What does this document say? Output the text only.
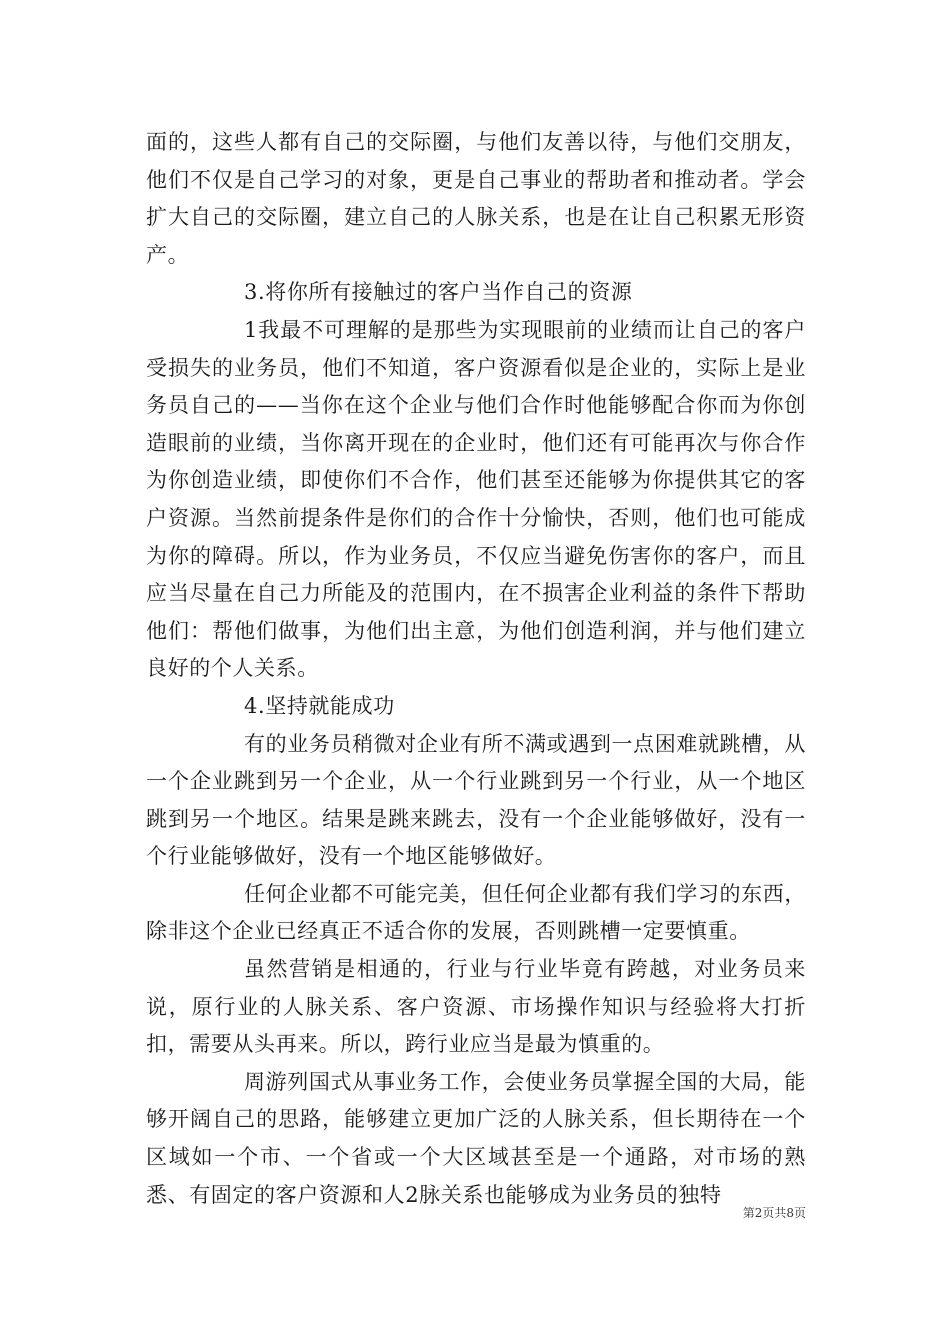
面的，这些人都有自己的交际圈，与他们友善以待，与他们交朋友，他们不仅是自己学习的对象，更是自己事业的帮助者和推动者。学会扩大自己的交际圈，建立自己的人脉关系，也是在让自己积累无形资产。

3.将你所有接触过的客户当作自己的资源

1我最不可理解的是那些为实现眼前的业绩而让自己的客户受损失的业务员，他们不知道，客户资源看似是企业的，实际上是业务员自己的——当你在这个企业与他们合作时他能够配合你而为你创造眼前的业绩，当你离开现在的企业时，他们还有可能再次与你合作为你创造业绩，即使你们不合作，他们甚至还能够为你提供其它的客户资源。当然前提条件是你们的合作十分愉快，否则，他们也可能成为你的障碍。所以，作为业务员，不仅应当避免伤害你的客户，而且应当尽量在自己力所能及的范围内，在不损害企业利益的条件下帮助他们：帮他们做事，为他们出主意，为他们创造利润，并与他们建立良好的个人关系。

4.坚持就能成功

有的业务员稍微对企业有所不满或遇到一点困难就跳槽，从一个企业跳到另一个企业，从一个行业跳到另一个行业，从一个地区跳到另一个地区。结果是跳来跳去，没有一个企业能够做好，没有一个行业能够做好，没有一个地区能够做好。

任何企业都不可能完美，但任何企业都有我们学习的东西，除非这个企业已经真正不适合你的发展，否则跳槽一定要慎重。

虽然营销是相通的，行业与行业毕竟有跨越，对业务员来说，原行业的人脉关系、客户资源、市场操作知识与经验将大打折扣，需要从头再来。所以，跨行业应当是最为慎重的。

周游列国式从事业务工作，会使业务员掌握全国的大局，能够开阔自己的思路，能够建立更加广泛的人脉关系，但长期待在一个区域如一个市、一个省或一个大区域甚至是一个通路，对市场的熟悉、有固定的客户资源和人2脉关系也能够成为业务员的独特

第2页共8页
